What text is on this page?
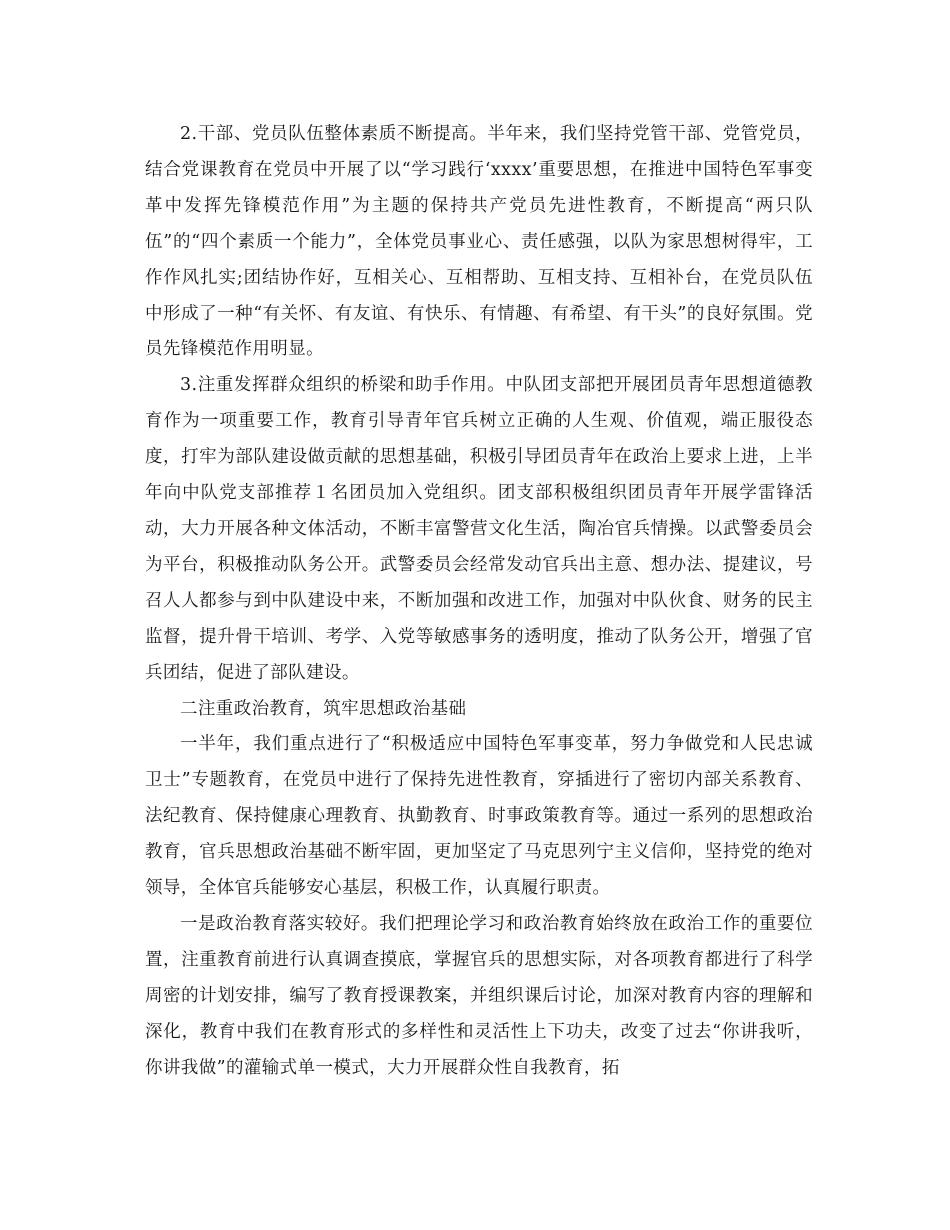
2.干部、党员队伍整体素质不断提高。半年来，我们坚持党管干部、党管党员，结合党课教育在党员中开展了以“学习践行‘xxxx’重要思想，在推进中国特色军事变革中发挥先锋模范作用”为主题的保持共产党员先进性教育，不断提高“两只队伍”的“四个素质一个能力”，全体党员事业心、责任感强，以队为家思想树得牢，工作作风扎实;团结协作好，互相关心、互相帮助、互相支持、互相补台，在党员队伍中形成了一种“有关怀、有友谊、有快乐、有情趣、有希望、有干头”的良好氛围。党员先锋模范作用明显。

3.注重发挥群众组织的桥梁和助手作用。中队团支部把开展团员青年思想道德教育作为一项重要工作，教育引导青年官兵树立正确的人生观、价值观，端正服役态度，打牢为部队建设做贡献的思想基础，积极引导团员青年在政治上要求上进，上半年向中队党支部推荐１名团员加入党组织。团支部积极组织团员青年开展学雷锋活动，大力开展各种文体活动，不断丰富警营文化生活，陶冶官兵情操。以武警委员会为平台，积极推动队务公开。武警委员会经常发动官兵出主意、想办法、提建议，号召人人都参与到中队建设中来，不断加强和改进工作，加强对中队伙食、财务的民主监督，提升骨干培训、考学、入党等敏感事务的透明度，推动了队务公开，增强了官兵团结，促进了部队建设。

二注重政治教育，筑牢思想政治基础

一半年，我们重点进行了“积极适应中国特色军事变革，努力争做党和人民忠诚卫士”专题教育，在党员中进行了保持先进性教育，穿插进行了密切内部关系教育、法纪教育、保持健康心理教育、执勤教育、时事政策教育等。通过一系列的思想政治教育，官兵思想政治基础不断牢固，更加坚定了马克思列宁主义信仰，坚持党的绝对领导，全体官兵能够安心基层，积极工作，认真履行职责。

一是政治教育落实较好。我们把理论学习和政治教育始终放在政治工作的重要位置，注重教育前进行认真调查摸底，掌握官兵的思想实际，对各项教育都进行了科学周密的计划安排，编写了教育授课教案，并组织课后讨论，加深对教育内容的理解和深化，教育中我们在教育形式的多样性和灵活性上下功夫，改变了过去“你讲我听，你讲我做”的灌输式单一模式，大力开展群众性自我教育，拓
